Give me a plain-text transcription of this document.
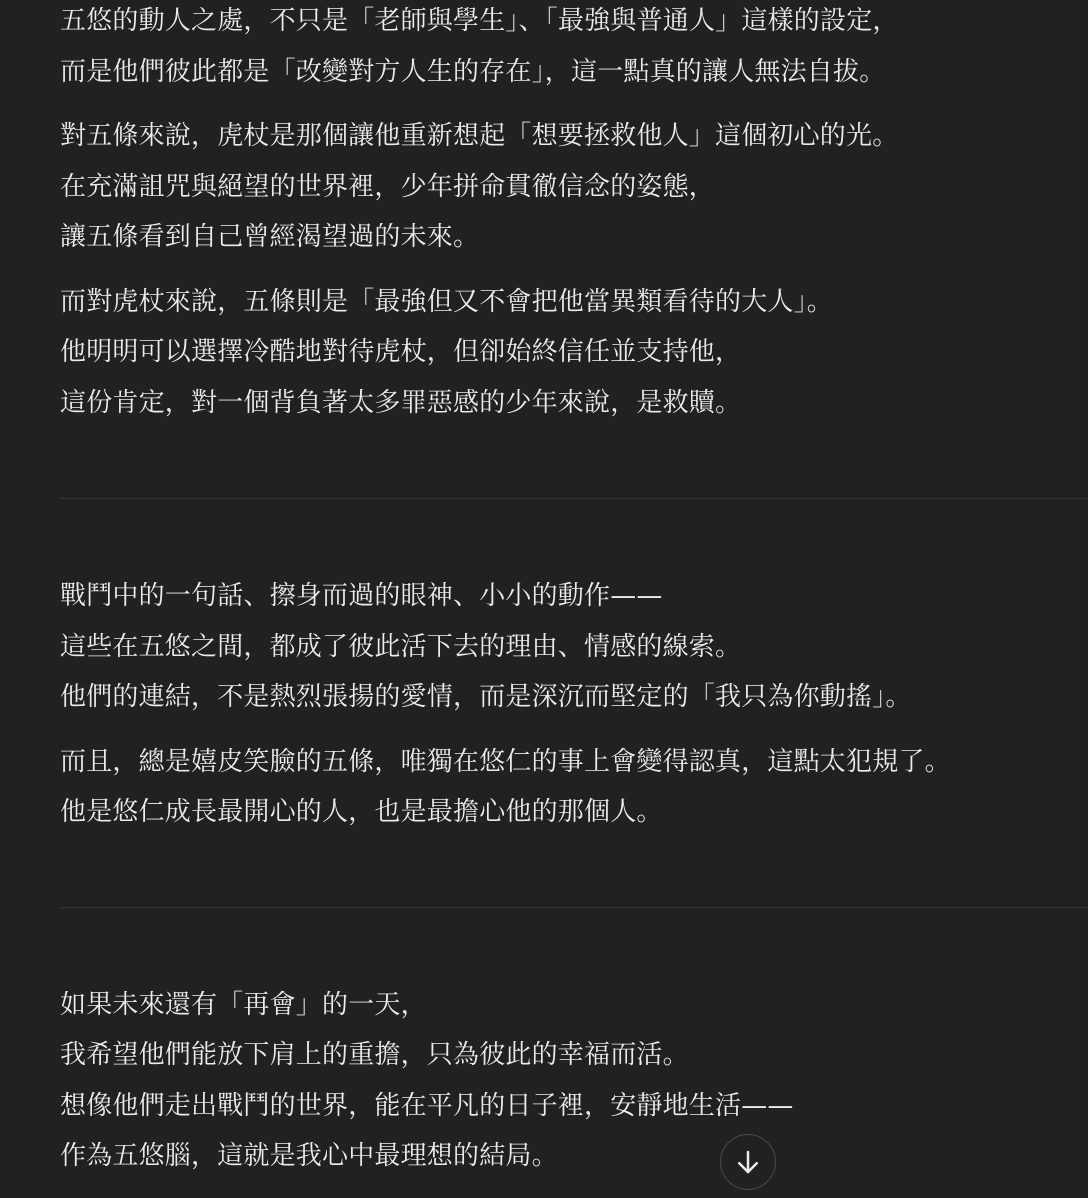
五悠的動人之處，不只是「老師與學生」、「最強與普通人」這樣的設定，
而是他們彼此都是「改變對方人生的存在」，這一點真的讓人無法自拔。

對五條來說，虎杖是那個讓他重新想起「想要拯救他人」這個初心的光。
在充滿詛咒與絕望的世界裡，少年拼命貫徹信念的姿態，
讓五條看到自己曾經渴望過的未來。

而對虎杖來說，五條則是「最強但又不會把他當異類看待的大人」。
他明明可以選擇冷酷地對待虎杖，但卻始終信任並支持他，
這份肯定，對一個背負著太多罪惡感的少年來說，是救贖。

戰鬥中的一句話、擦身而過的眼神、小小的動作——
這些在五悠之間，都成了彼此活下去的理由、情感的線索。
他們的連結，不是熱烈張揚的愛情，而是深沉而堅定的「我只為你動搖」。

而且，總是嬉皮笑臉的五條，唯獨在悠仁的事上會變得認真，這點太犯規了。
他是悠仁成長最開心的人，也是最擔心他的那個人。

如果未來還有「再會」的一天，
我希望他們能放下肩上的重擔，只為彼此的幸福而活。
想像他們走出戰鬥的世界，能在平凡的日子裡，安靜地生活——
作為五悠腦，這就是我心中最理想的結局。
